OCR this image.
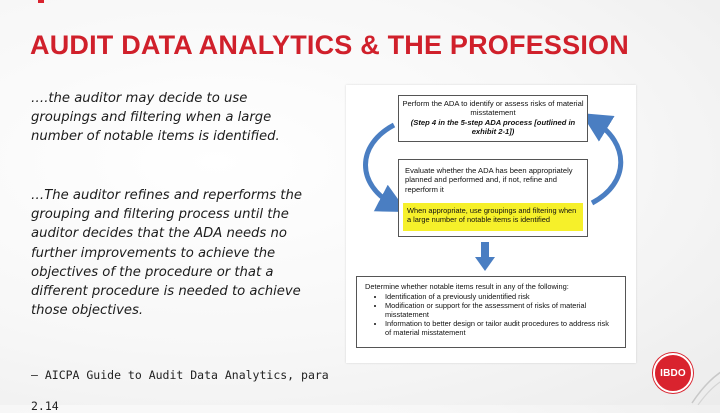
AUDIT DATA ANALYTICS & THE PROFESSION

….the auditor may decide to use groupings and filtering when a large number of notable items is identified.

…The auditor refines and reperforms the grouping and filtering process until the auditor decides that the ADA needs no further improvements to achieve the objectives of the procedure or that a different procedure is needed to achieve those objectives.

– AICPA Guide to Audit Data Analytics, para

2.14

Perform the ADA to identify or assess risks of material misstatement
(Step 4 in the 5-step ADA process [outlined in exhibit 2-1])
Evaluate whether the ADA has been appropriately planned and performed and, if not, refine and reperform it
When appropriate, use groupings and filtering when a large number of notable items is identified
Determine whether notable items result in any of the following:
• Identification of a previously unidentified risk
• Modification or support for the assessment of risks of material misstatement
• Information to better design or tailor audit procedures to address risk of material misstatement
IBDO
